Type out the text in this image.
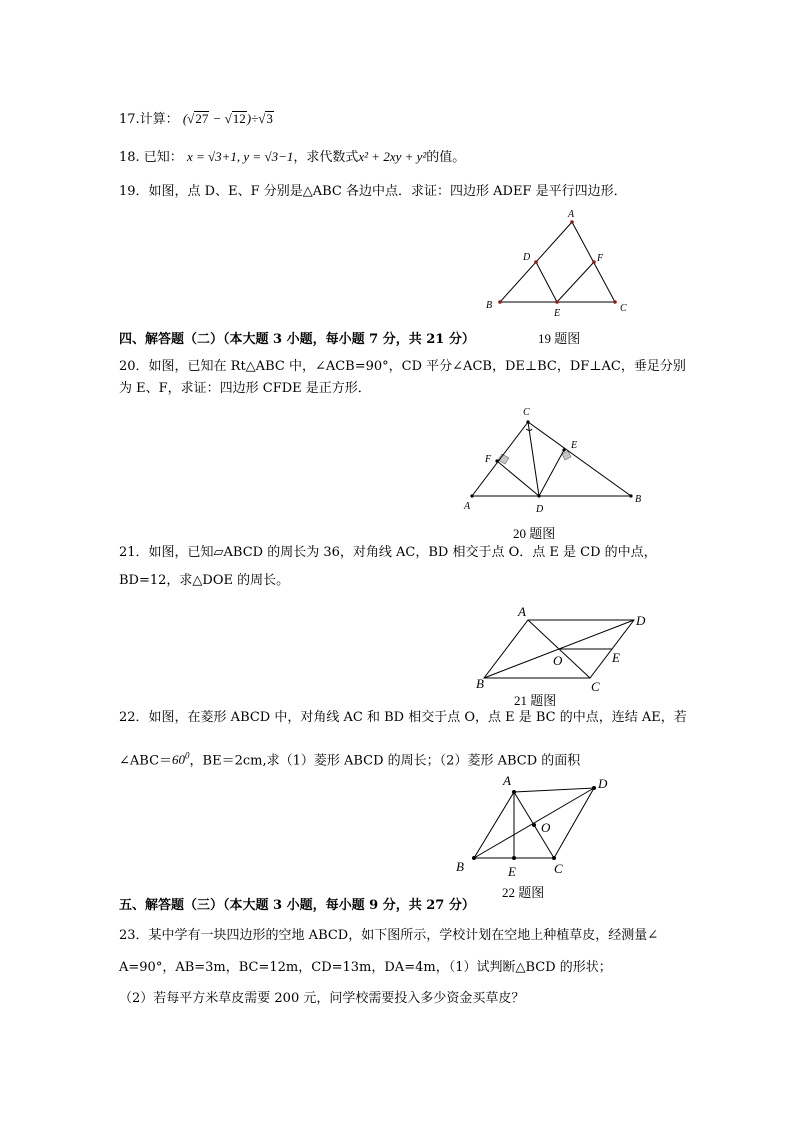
17.计算： (√27 − √12)÷√3
18. 已知： x = √3+1, y = √3−1，求代数式x² + 2xy + y²的值。
19．如图，点 D、E、F 分别是△ABC 各边中点．求证：四边形 ADEF 是平行四边形．
A
B	C
D
E
F
19 题图
四、解答题（二）（本大题 3 小题，每小题 7 分，共 21 分）
20．如图，已知在 Rt△ABC 中，∠ACB=90°，CD 平分∠ACB，DE⊥BC，DF⊥AC，垂足分别
为 E、F，求证：四边形 CFDE 是正方形．
C
A
B
D
F
E
20 题图
21．如图，已知▱ABCD 的周长为 36，对角线 AC，BD 相交于点 O．点 E 是 CD 的中点，
BD=12，求△DOE 的周长。
A
D
B	C
O	E
21 题图
22．如图，在菱形 ABCD 中，对角线 AC 和 BD 相交于点 O，点 E 是 BC 的中点，连结 AE，若
$\angle ABC=60^0$，BE＝2cm,求（1）菱形 ABCD 的周长；（2）菱形 ABCD 的面积
A	D
B	C
O
E
22 题图
五、解答题（三）（本大题 3 小题，每小题 9 分，共 27 分）
23．某中学有一块四边形的空地 ABCD，如下图所示，学校计划在空地上种植草皮，经测量∠
A=90°，AB=3m，BC=12m，CD=13m，DA=4m，（1）试判断△BCD 的形状；
（2）若每平方米草皮需要 200 元，问学校需要投入多少资金买草皮？
